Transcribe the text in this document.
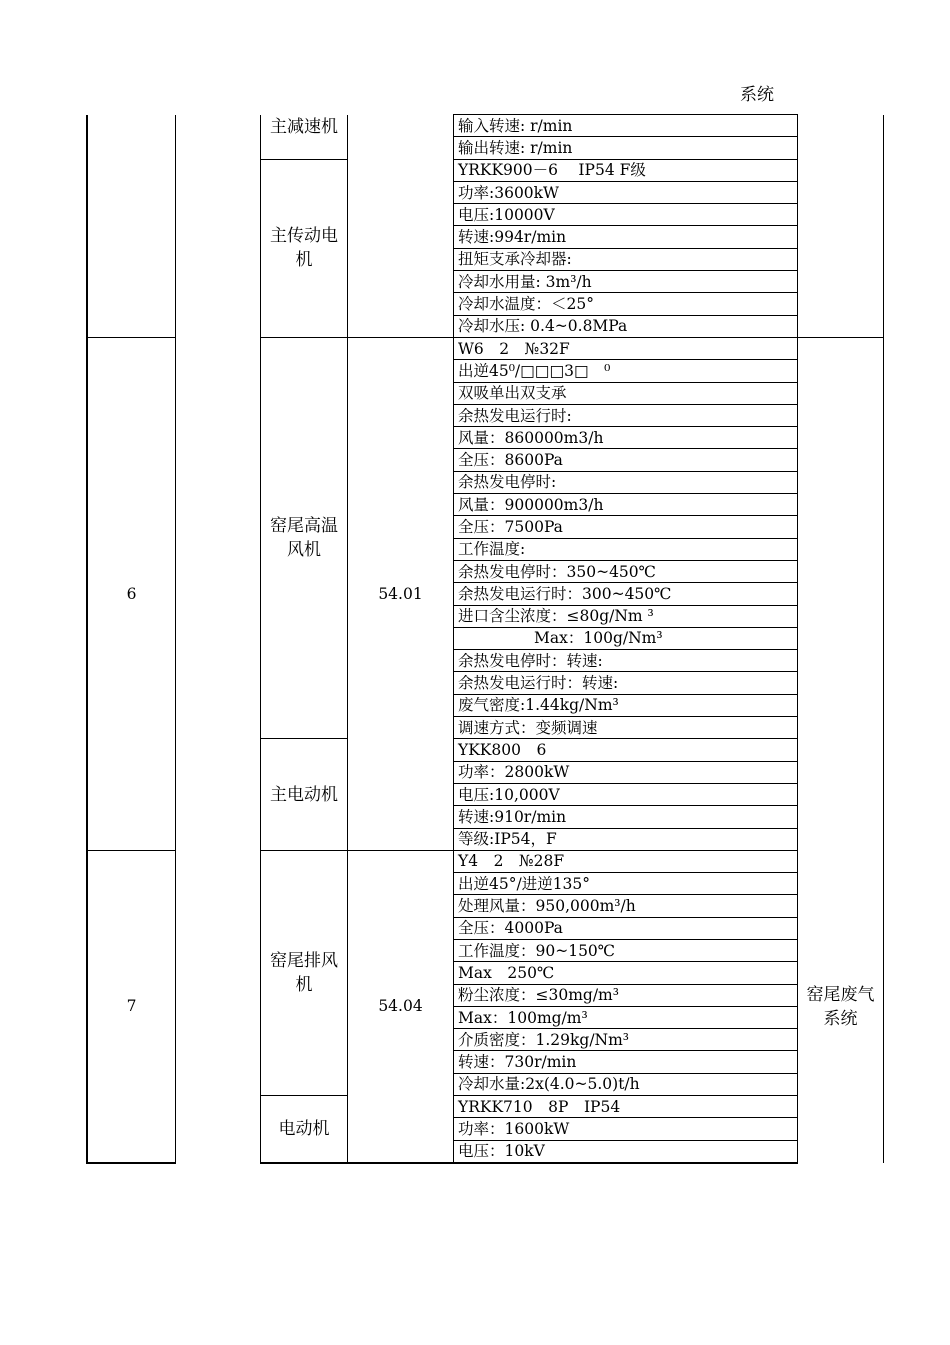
系统
		主减速机		输入转速: r/min	
				输出转速: r/min	
		主传动电机		YRKK900－6　 IP54 F级	
				功率:3600kW	
				电压:10000V	
				转速:994r/min	
				扭矩支承冷却器:	
				冷却水用量: 3m³/h	
				冷却水温度：＜25°	
				冷却水压: 0.4~0.8MPa	
6		窑尾高温风机	54.01	W6　2　№32F	
				出逆45⁰/□□□3□　⁰	
				双吸单出双支承	
				余热发电运行时:	
				风量：860000m3/h	
				全压：8600Pa	
				余热发电停时:	
				风量：900000m3/h	
				全压：7500Pa	
				工作温度:	
				余热发电停时：350~450℃	
				余热发电运行时：300~450℃	
				进口含尘浓度：≤80g/Nm ³	
				Max：100g/Nm³	
				余热发电停时：转速:	
				余热发电运行时：转速:	
				废气密度:1.44kg/Nm³	
				调速方式：变频调速	
		主电动机		YKK800　6	
				功率：2800kW	
				电压:10,000V	
				转速:910r/min	
				等级:IP54，F	
7		窑尾排风机	54.04	Y4　2　№28F	窑尾废气系统
				出逆45°/进逆135°	
				处理风量：950,000m³/h	
				全压：4000Pa	
				工作温度：90~150℃	
				Max　250℃	
				粉尘浓度：≤30mg/m³	
				Max：100mg/m³	
				介质密度：1.29kg/Nm³	
				转速：730r/min	
				冷却水量:2x(4.0~5.0)t/h	
		电动机		YRKK710　8P　IP54	
				功率：1600kW	
				电压：10kV	
